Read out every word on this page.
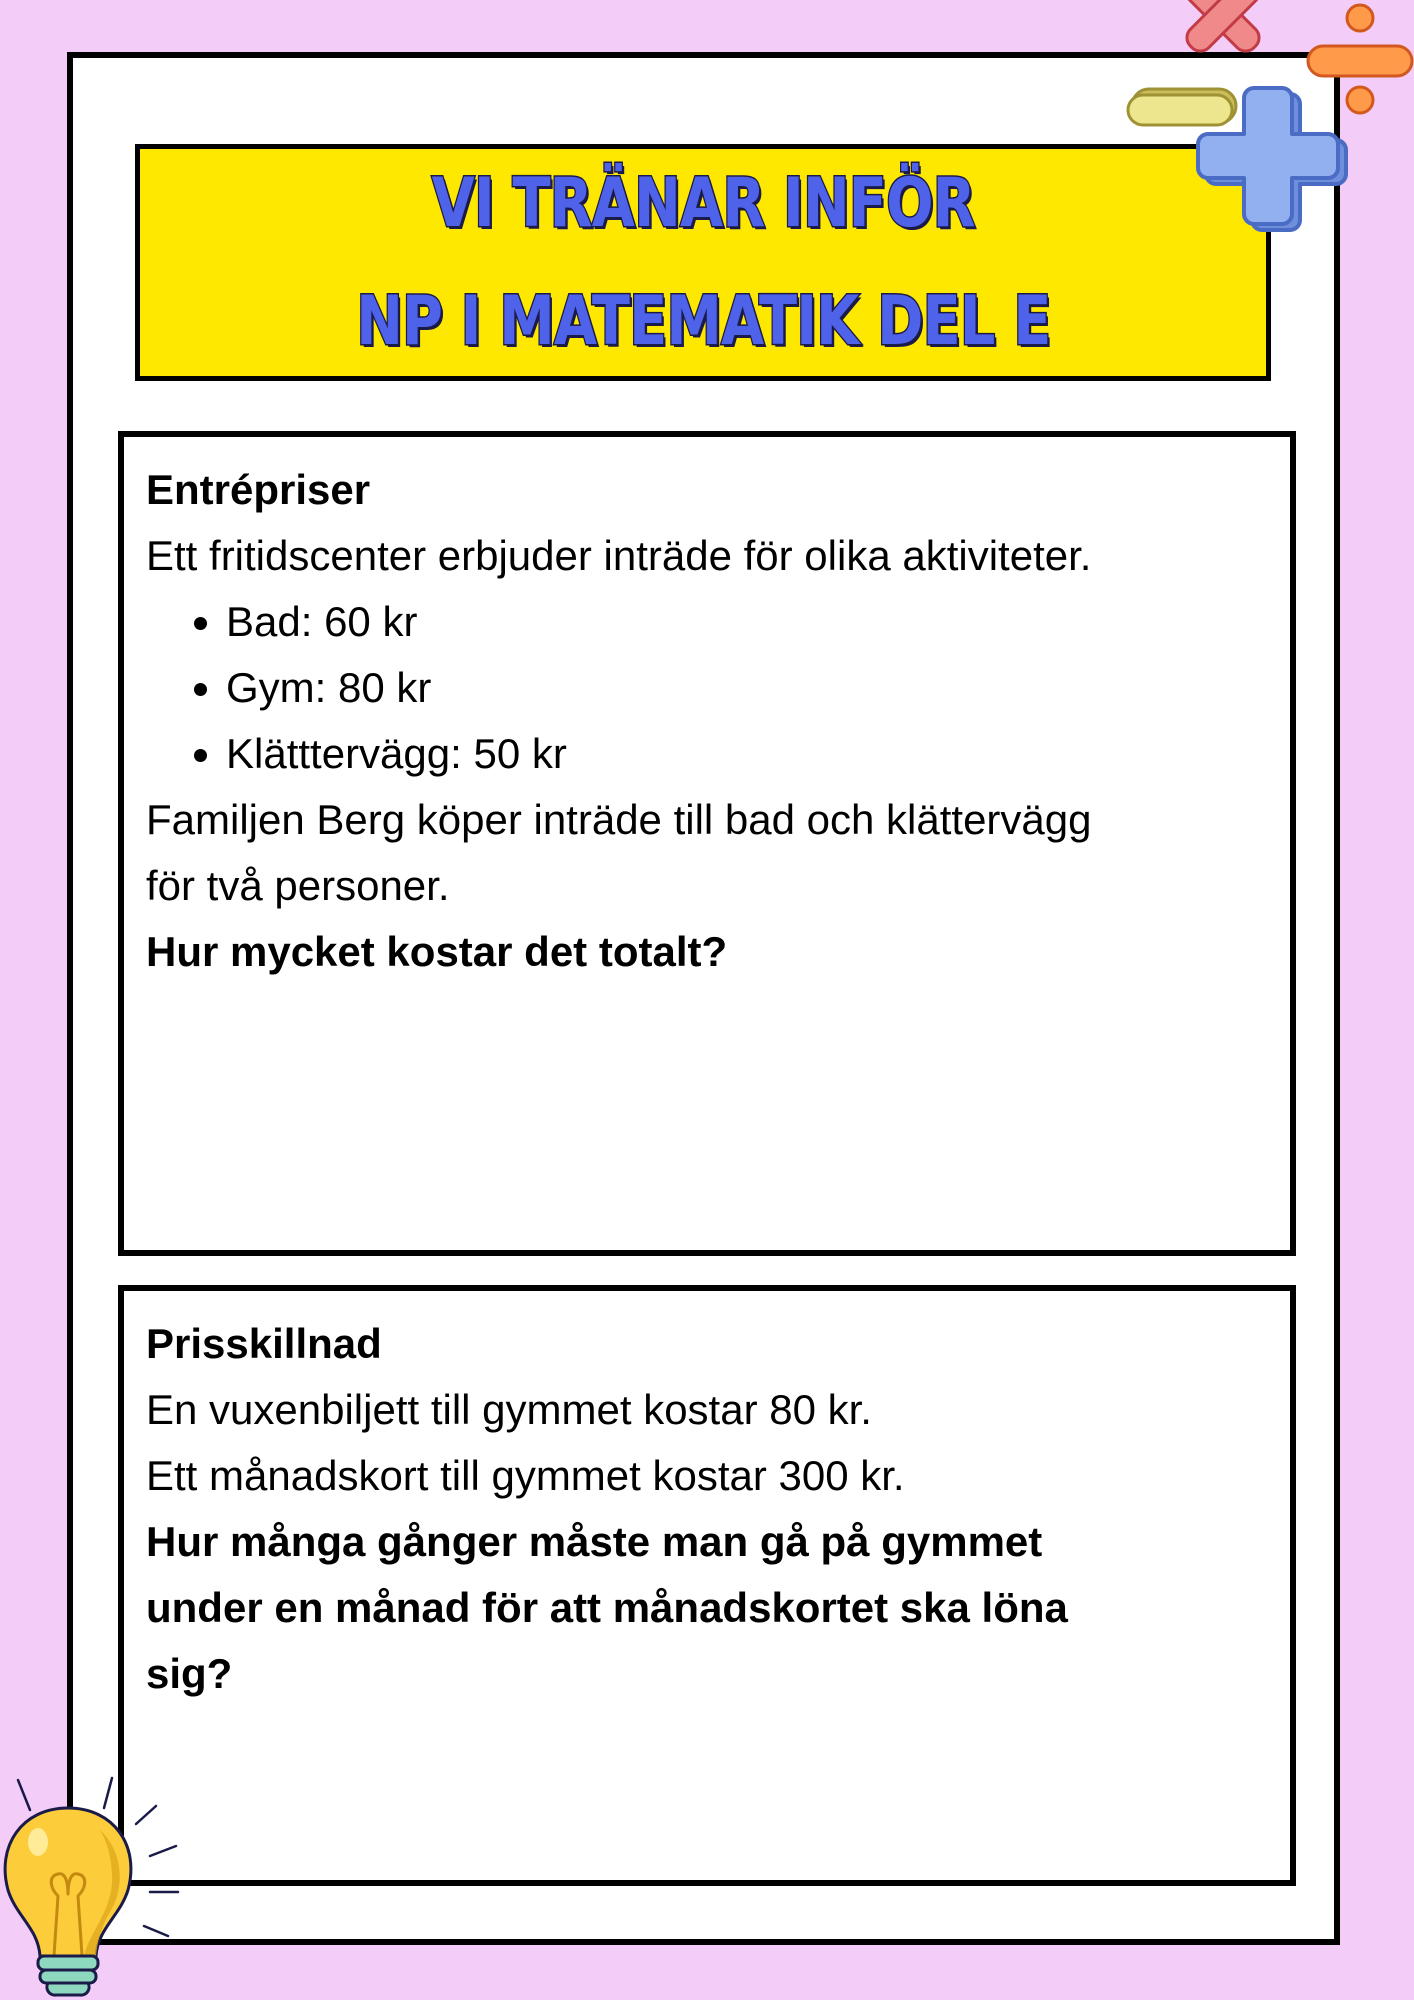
VI TRÄNAR INFÖR
NP I MATEMATIK DEL E
Entrépriser
Ett fritidscenter erbjuder inträde för olika aktiviteter.
• Bad: 60 kr
• Gym: 80 kr
• Klätttervägg: 50 kr
Familjen Berg köper inträde till bad och klättervägg
för två personer.
Hur mycket kostar det totalt?
Prisskillnad
En vuxenbiljett till gymmet kostar 80 kr.
Ett månadskort till gymmet kostar 300 kr.
Hur många gånger måste man gå på gymmet
under en månad för att månadskortet ska löna
sig?
